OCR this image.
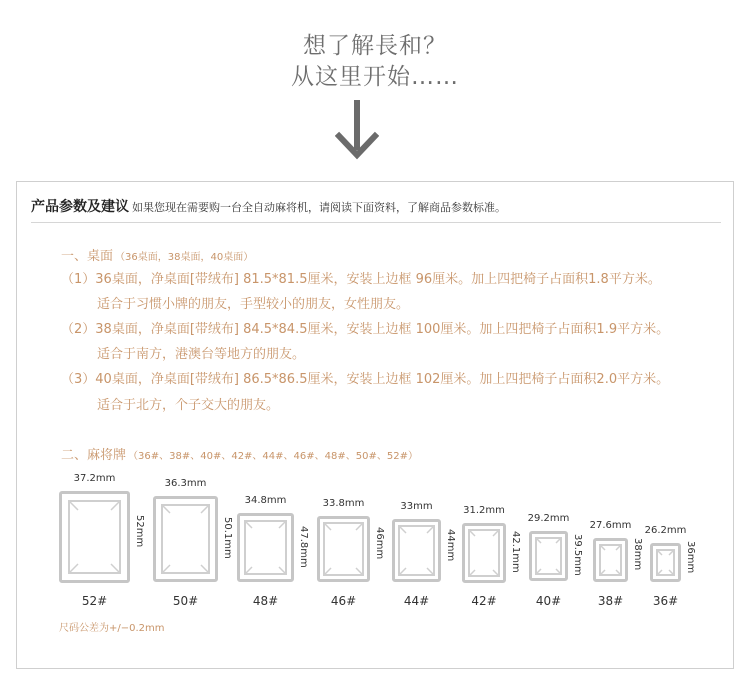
想了解長和？
从这里开始……
产品参数及建议 如果您现在需要购一台全自动麻将机，请阅读下面资料，了解商品参数标准。
一、桌面 （36桌面，38桌面，40桌面）
（1）36桌面，净桌面[带绒布] 81.5*81.5厘米，安装上边框 96厘米。加上四把椅子占面积1.8平方米。
适合于习惯小牌的朋友，手型较小的朋友，女性朋友。
（2）38桌面，净桌面[带绒布] 84.5*84.5厘米，安装上边框 100厘米。加上四把椅子占面积1.9平方米。
适合于南方，港澳台等地方的朋友。
（3）40桌面，净桌面[带绒布] 86.5*86.5厘米，安装上边框 102厘米。加上四把椅子占面积2.0平方米。
适合于北方，个子交大的朋友。
二、麻将牌 （36#、38#、40#、42#、44#、46#、48#、50#、52#）
37.2mm
52mm
52#
36.3mm
50.1mm
50#
34.8mm
47.8mm
48#
33.8mm
46mm
46#
33mm
44mm
44#
31.2mm
42.1mm
42#
29.2mm
39.5mm
40#
27.6mm
38mm
38#
26.2mm
36mm
36#
尺码公差为+/−0.2mm
